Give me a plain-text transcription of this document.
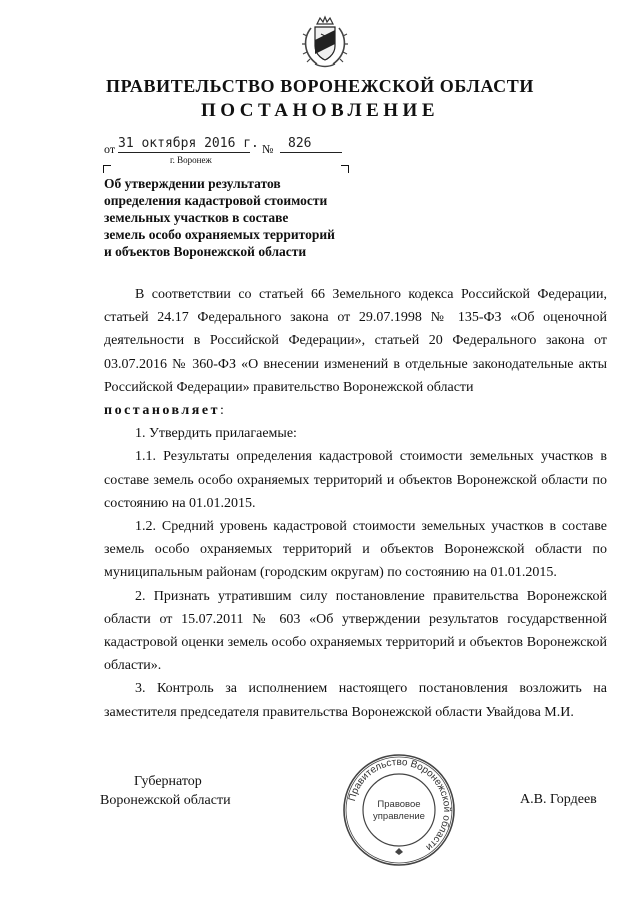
ПРАВИТЕЛЬСТВО ВОРОНЕЖСКОЙ ОБЛАСТИ
ПОСТАНОВЛЕНИЕ
от 31 октября 2016 г. № 826
г. Воронеж
Об утверждении результатов
определения кадастровой стоимости
земельных участков в составе
земель особо охраняемых территорий
и объектов Воронежской области

В соответствии со статьей 66 Земельного кодекса Российской Федерации, статьей 24.17 Федерального закона от 29.07.1998 № 135-ФЗ «Об оценочной деятельности в Российской Федерации», статьей 20 Федерального закона от 03.07.2016 № 360-ФЗ «О внесении изменений в отдельные законодательные акты Российской Федерации» правительство Воронежской области

постановляет:

1. Утвердить прилагаемые:

1.1. Результаты определения кадастровой стоимости земельных участков в составе земель особо охраняемых территорий и объектов Воронежской области по состоянию на 01.01.2015.

1.2. Средний уровень кадастровой стоимости земельных участков в составе земель особо охраняемых территорий и объектов Воронежской области по муниципальным районам (городским округам) по состоянию на 01.01.2015.

2. Признать утратившим силу постановление правительства Воронежской области от 15.07.2011 № 603 «Об утверждении результатов государственной кадастровой оценки земель особо охраняемых территорий и объектов Воронежской области».

3. Контроль за исполнением настоящего постановления возложить на заместителя председателя правительства Воронежской области Увайдова М.И.

Губернатор
Воронежской области	А.В. Гордеев
Правительство Воронежской области
Правовое
управление
